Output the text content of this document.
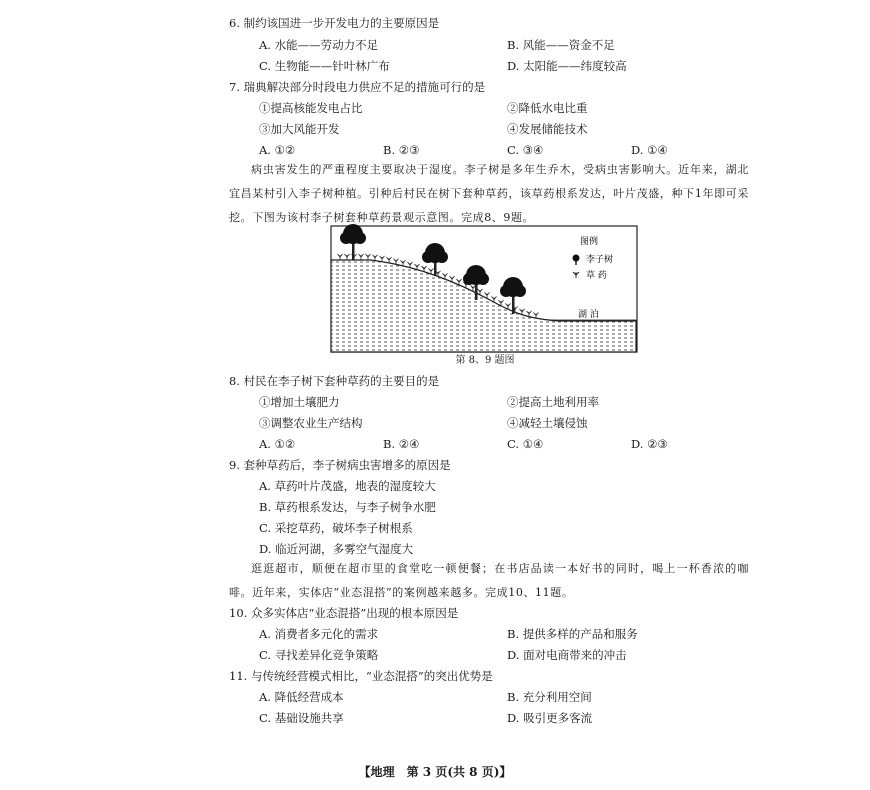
6. 制约该国进一步开发电力的主要原因是
A. 水能——劳动力不足	B. 风能——资金不足
C. 生物能——针叶林广布	D. 太阳能——纬度较高
7. 瑞典解决部分时段电力供应不足的措施可行的是
①提高核能发电占比	②降低水电比重
③加大风能开发	④发展储能技术
A. ①②	B. ②③	C. ③④	D. ①④
病虫害发生的严重程度主要取决于湿度。李子树是多年生乔木，受病虫害影响大。近年来，湖北宜昌某村引入李子树种植。引种后村民在树下套种草药，该草药根系发达，叶片茂盛，种下1年即可采挖。下图为该村李子树套种草药景观示意图。完成8、9题。
图例
李子树
草 药
湖 泊
第 8、9 题图
8. 村民在李子树下套种草药的主要目的是
①增加土壤肥力	②提高土地利用率
③调整农业生产结构	④减轻土壤侵蚀
A. ①②	B. ②④	C. ①④	D. ②③
9. 套种草药后，李子树病虫害增多的原因是
A. 草药叶片茂盛，地表的湿度较大
B. 草药根系发达，与李子树争水肥
C. 采挖草药，破坏李子树根系
D. 临近河湖，多雾空气湿度大
逛逛超市，顺便在超市里的食堂吃一顿便餐；在书店品读一本好书的同时，喝上一杯香浓的咖啡。近年来，实体店“业态混搭”的案例越来越多。完成10、11题。
10. 众多实体店“业态混搭”出现的根本原因是
A. 消费者多元化的需求	B. 提供多样的产品和服务
C. 寻找差异化竞争策略	D. 面对电商带来的冲击
11. 与传统经营模式相比，“业态混搭”的突出优势是
A. 降低经营成本	B. 充分利用空间
C. 基础设施共享	D. 吸引更多客流
【地理　第 3 页(共 8 页)】
